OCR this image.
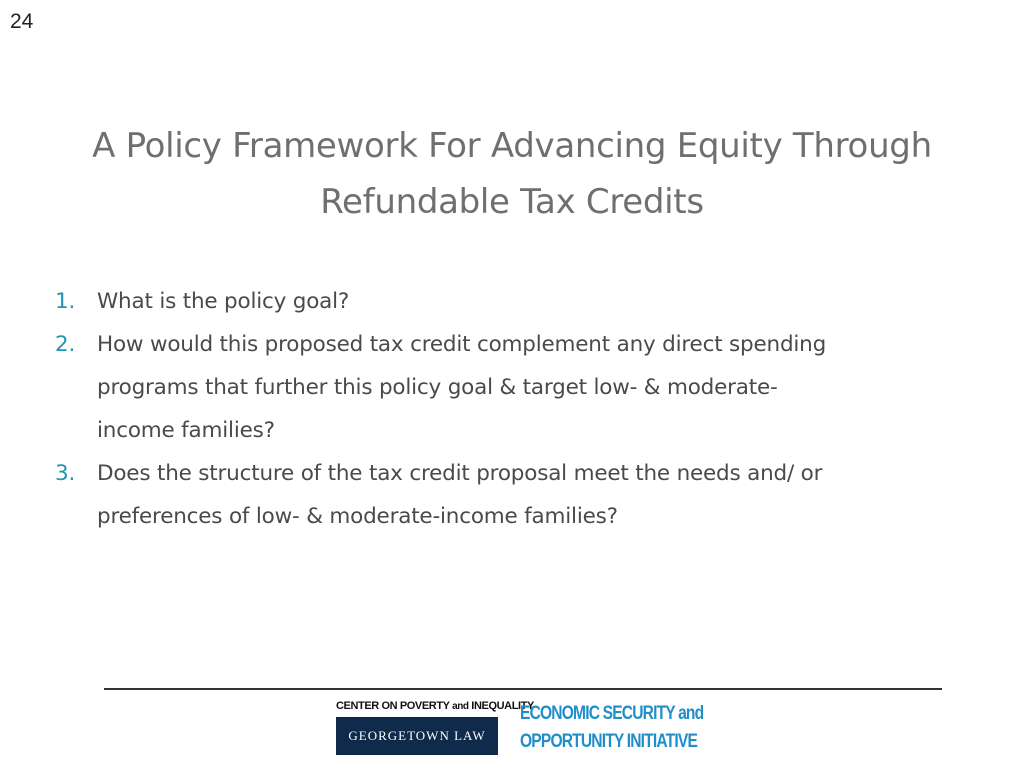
24
A Policy Framework For Advancing Equity Through
Refundable Tax Credits
1. What is the policy goal?
2. How would this proposed tax credit complement any direct spending
programs that further this policy goal & target low- & moderate-
income families?
3. Does the structure of the tax credit proposal meet the needs and/ or
preferences of low- & moderate-income families?
CENTER ON POVERTY and INEQUALITY
GEORGETOWN LAW
ECONOMIC SECURITY and
OPPORTUNITY INITIATIVE
